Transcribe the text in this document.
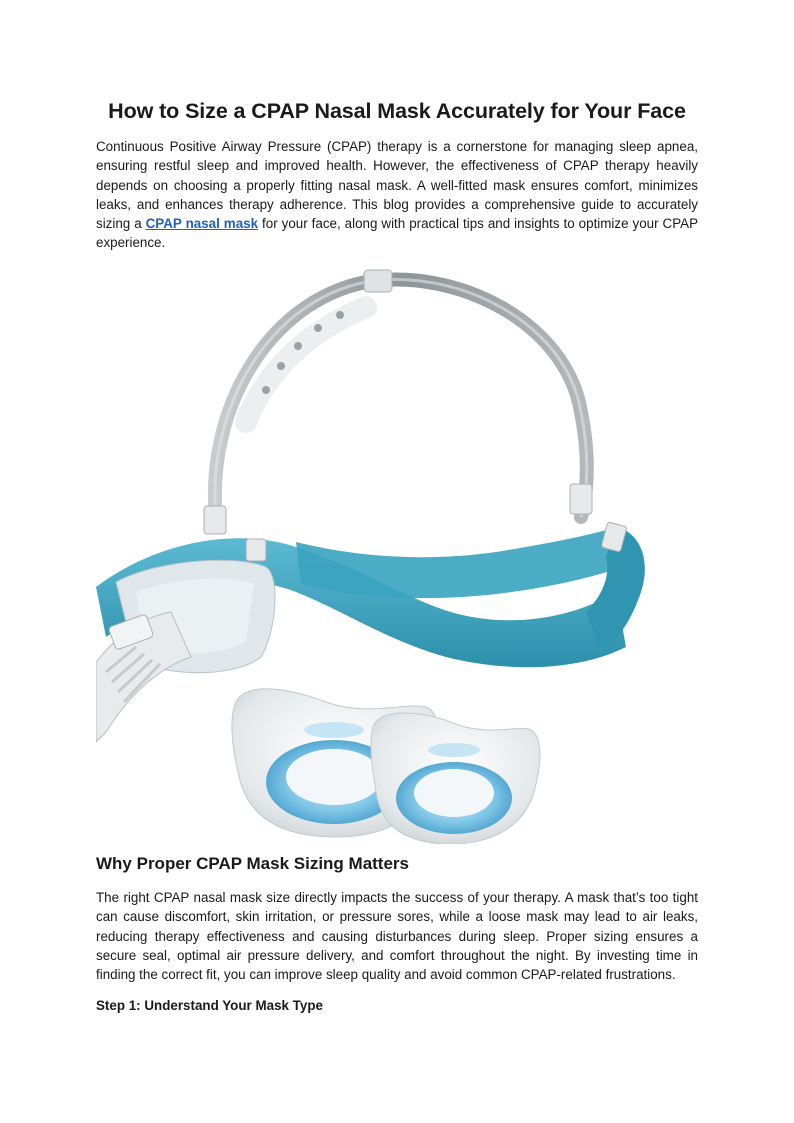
How to Size a CPAP Nasal Mask Accurately for Your Face

Continuous Positive Airway Pressure (CPAP) therapy is a cornerstone for managing sleep apnea, ensuring restful sleep and improved health. However, the effectiveness of CPAP therapy heavily depends on choosing a properly fitting nasal mask. A well-fitted mask ensures comfort, minimizes leaks, and enhances therapy adherence. This blog provides a comprehensive guide to accurately sizing a CPAP nasal mask for your face, along with practical tips and insights to optimize your CPAP experience.

Why Proper CPAP Mask Sizing Matters

The right CPAP nasal mask size directly impacts the success of your therapy. A mask that’s too tight can cause discomfort, skin irritation, or pressure sores, while a loose mask may lead to air leaks, reducing therapy effectiveness and causing disturbances during sleep. Proper sizing ensures a secure seal, optimal air pressure delivery, and comfort throughout the night. By investing time in finding the correct fit, you can improve sleep quality and avoid common CPAP-related frustrations.

Step 1: Understand Your Mask Type
